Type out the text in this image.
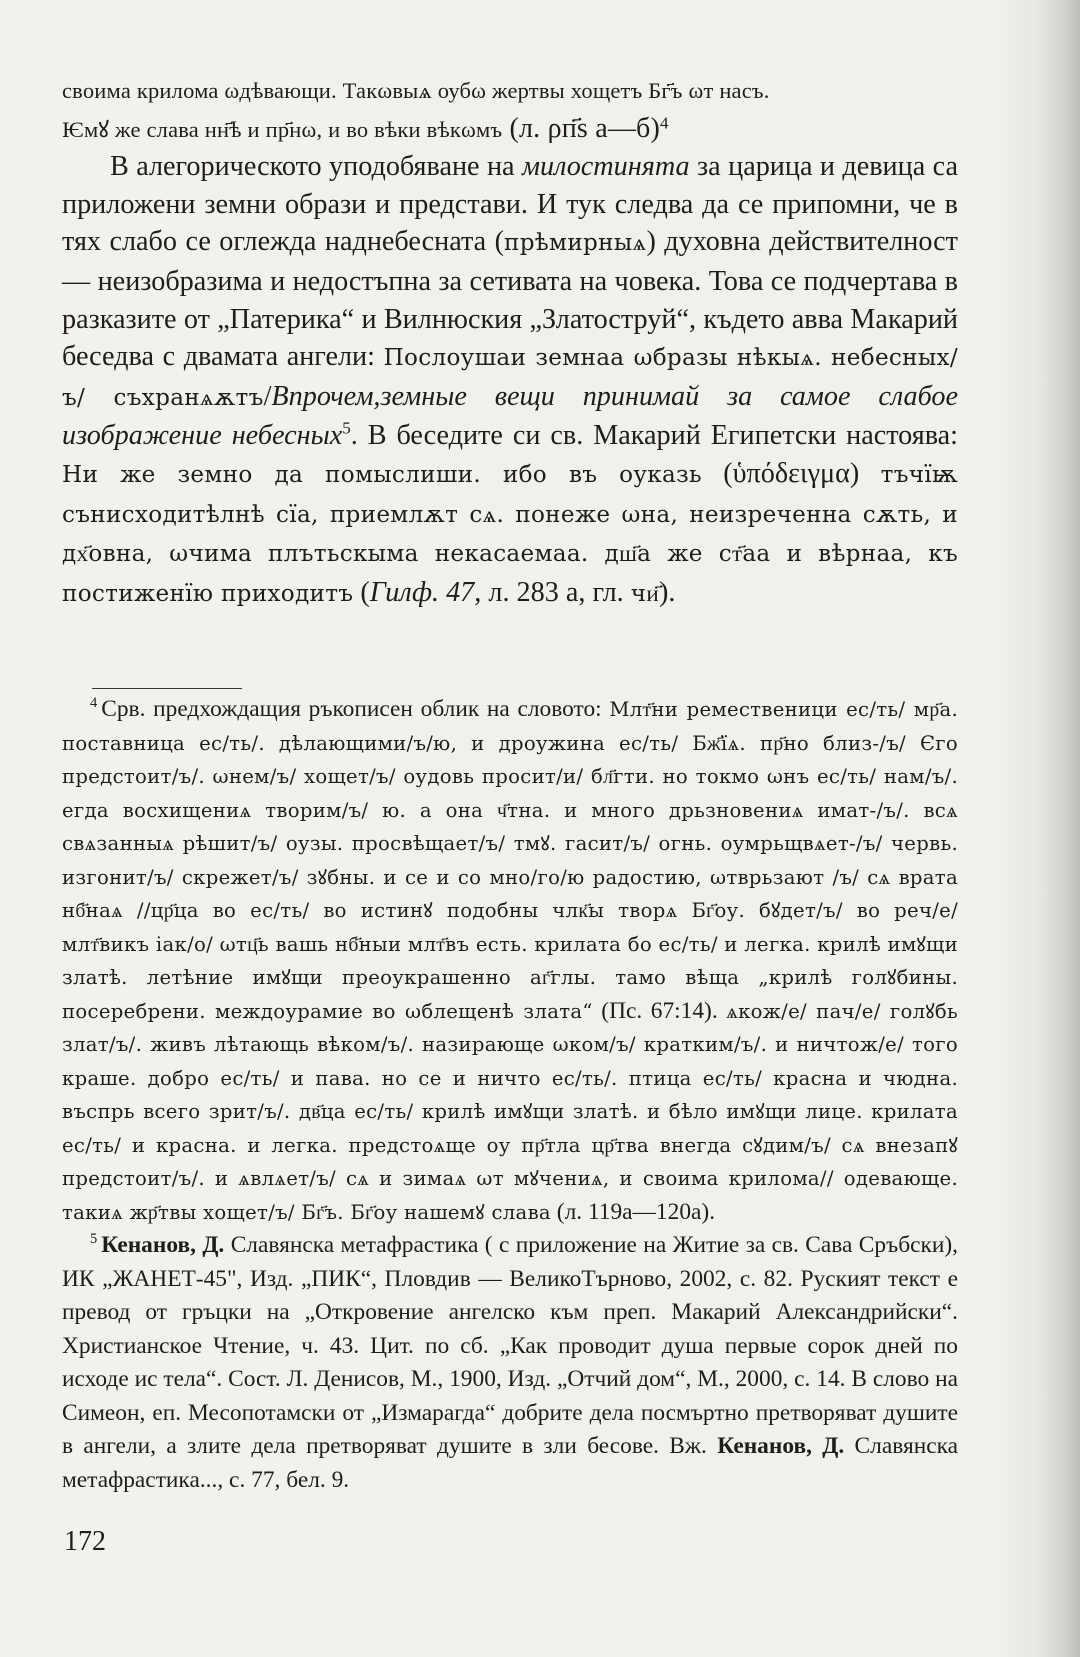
своима крилома ωдѣвающи. Такωвыѧ оубω жертвы хощетъ Бг҃ъ ωт насъ.

Ѥмꙋ же слава нн҃ѣ и пр҃нω, и во вѣки вѣкωмъ (л. ρп҃ѕ а—б)$^4$

В алегорическото уподобяване на милостинята за царица и девица са приложени земни образи и представи. И тук следва да се припомни, че в тях слабо се оглежда наднебесната (прѣмирныѧ) духовна действителност — неизобразима и недостъпна за сетивата на човека. Това се подчертава в разказите от „Патерика“ и Вилнюския „Златоструй“, където авва Макарий беседва с двамата ангели: Послоушаи земнаа ωбразы нѣкыѧ. небесных/ъ/ съхранѧѫтъ/Впрочем,земные вещи принимай за самое слабое изображение небесных$^5$. В беседите си св. Макарий Египетски настоява: Ни же земно да помыслиши. ибо въ оуказь (ὑπόδειγμα) тъчїѭ сънисходитѣлнѣ сїа, приемлѫт сѧ. понеже ωна, неизреченна сѫть, и дх҃овна, ωчима плътьскыма некасаемаа. дш҃а же ст҃аа и вѣрнаа, къ постиженїю приходитъ (Гилф. 47, л. 283 а, гл. чи҃).

$^4$ Срв. предхождащия ръкописен облик на словото: Млт҃ни ремественици ес/ть/ мр҃а. поставница ес/ть/. дѣлающими/ъ/ю, и дроужина ес/ть/ Бж҃їѧ. пр҃но близ-/ъ/ Єго предстоит/ъ/. ωнем/ъ/ хощет/ъ/ оудовь просит/и/ бл҃гти. но токмо ωнъ ес/ть/ нам/ъ/. егда восхищениѧ творим/ъ/ ю. а она ч҃тна. и много дрьзновениѧ имат-/ъ/. всѧ свѧзанныѧ рѣшит/ъ/ оузы. просвѣщает/ъ/ тмꙋ. гасит/ъ/ огнь. оумрьщвѧет-/ъ/ червь. изгонит/ъ/ скрежет/ъ/ зꙋбны. и се и со мно/го/ю радостию, ωтврьзают /ъ/ сѧ врата нб҃наѧ //цр҃ца во ес/ть/ во истинꙋ подобны члк҃ы творѧ Бг҃оу. бꙋдет/ъ/ во реч/е/ млт҃викъ іак/о/ ωтц҃ь вашь нб҃ныи млт҃въ есть. крилата бо ес/ть/ и легка. крилѣ имꙋщи златѣ. летѣние имꙋщи преоукрашенно аг҃глы. тамо вѣща „крилѣ голꙋбины. посеребрени. междоурамие во ωблещенѣ злата“ (Пс. 67:14). ѧкож/е/ пач/е/ голꙋбь злат/ъ/. живъ лѣтающь вѣком/ъ/. назирающе ωком/ъ/ кратким/ъ/. и ничтож/е/ того краше. добро ес/ть/ и пава. но се и ничто ес/ть/. птица ес/ть/ красна и чюдна. въспрь всего зрит/ъ/. дв҃ца ес/ть/ крилѣ имꙋщи златѣ. и бѣло имꙋщи лице. крилата ес/ть/ и красна. и легка. предстоѧще оу пр҃тла цр҃тва внегда сꙋдим/ъ/ сѧ внезапꙋ предстоит/ъ/. и ѧвлѧет/ъ/ сѧ и зимаѧ ωт мꙋчениѧ, и своима крилома// одевающе. такиѧ жр҃твы хощет/ъ/ Бг҃ъ. Бг҃оу нашемꙋ слава (л. 119а—120а).

$^5$ Кенанов, Д. Славянска метафрастика ( с приложение на Житие за св. Сава Сръбски), ИК „ЖАНЕТ-45", Изд. „ПИК“, Пловдив — ВеликоТърново, 2002, с. 82. Руският текст е превод от гръцки на „Откровение ангелско към преп. Макарий Александрийски“. Христианское Чтение, ч. 43. Цит. по сб. „Как проводит душа первые сорок дней по исходе ис тела“. Сост. Л. Денисов, М., 1900, Изд. „Отчий дом“, М., 2000, с. 14. В слово на Симеон, еп. Месопотамски от „Измарагда“ добрите дела посмъртно претворяват душите в ангели, а злите дела претворяват душите в зли бесове. Вж. Кенанов, Д. Славянска метафрастика..., с. 77, бел. 9.

172
